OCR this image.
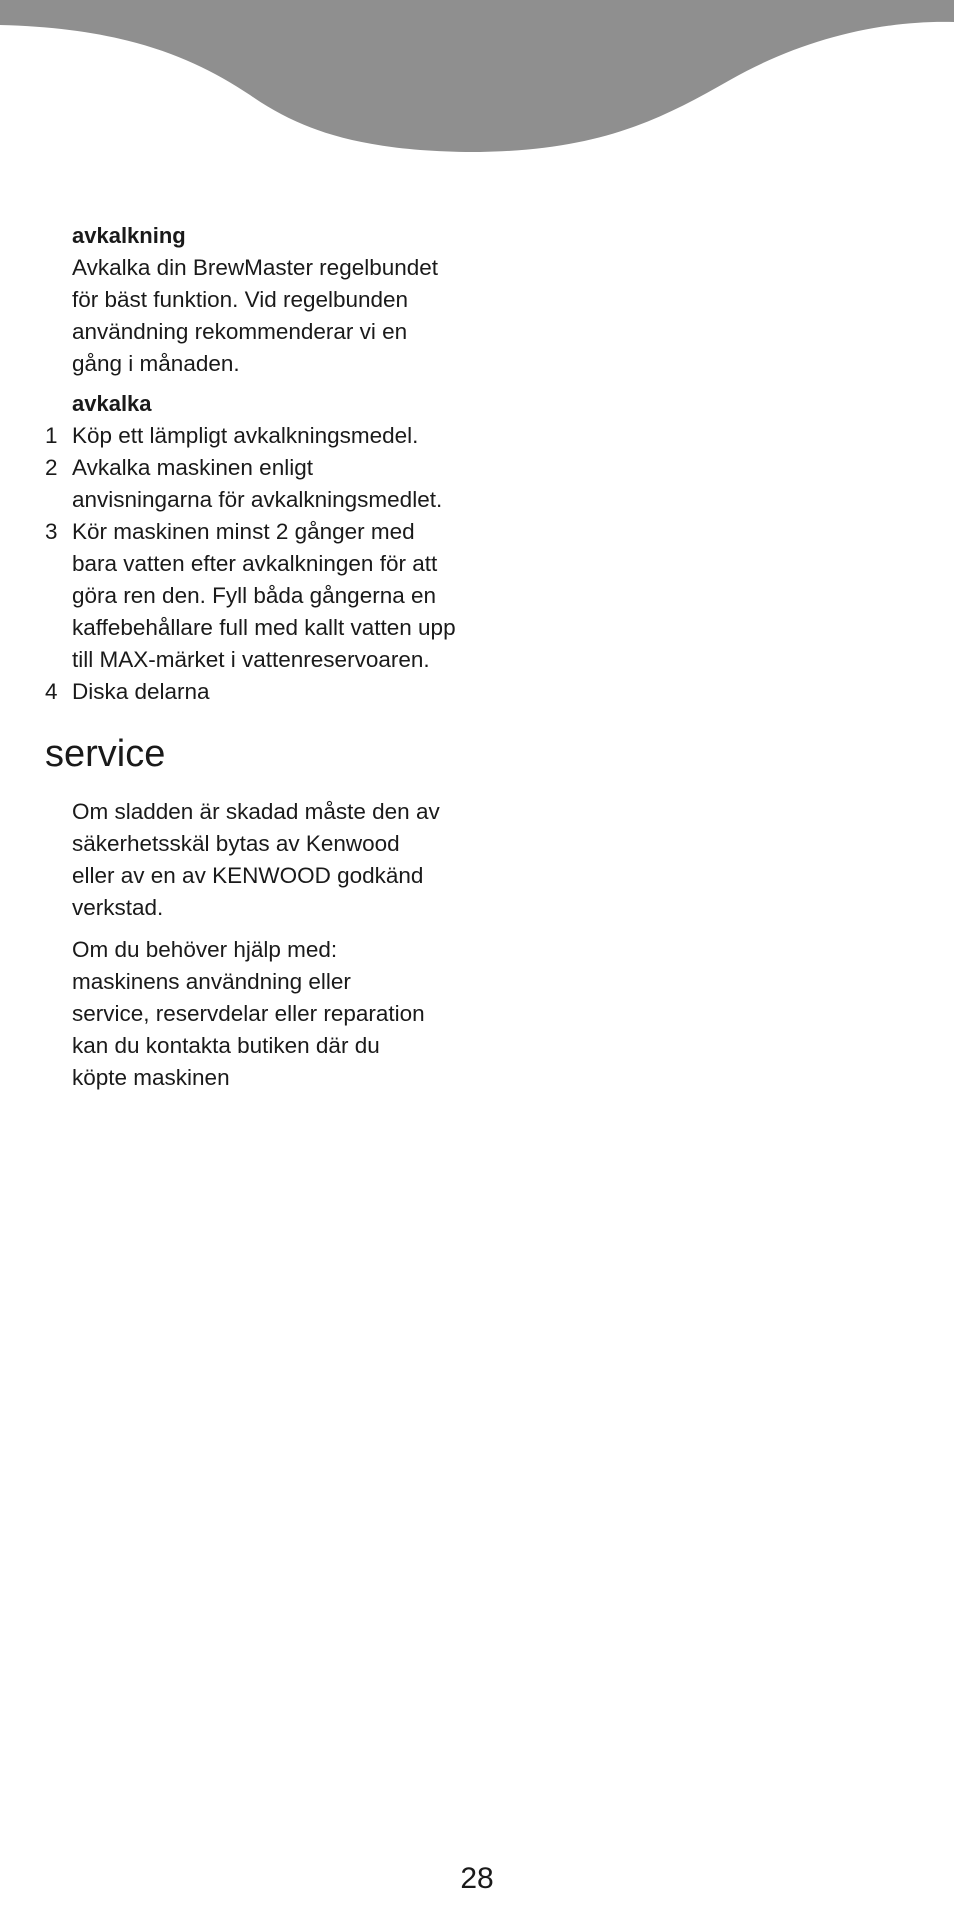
avkalkning
Avkalka din BrewMaster regelbundet
för bäst funktion. Vid regelbunden
användning rekommenderar vi en
gång i månaden.
avkalka
1 Köp ett lämpligt avkalkningsmedel.
2 Avkalka maskinen enligt
anvisningarna för avkalkningsmedlet.
3 Kör maskinen minst 2 gånger med
bara vatten efter avkalkningen för att
göra ren den. Fyll båda gångerna en
kaffebehållare full med kallt vatten upp
till MAX-märket i vattenreservoaren.
4 Diska delarna
service
Om sladden är skadad måste den av
säkerhetsskäl bytas av Kenwood
eller av en av KENWOOD godkänd
verkstad.
Om du behöver hjälp med:
maskinens användning eller
service, reservdelar eller reparation
kan du kontakta butiken där du
köpte maskinen
28
